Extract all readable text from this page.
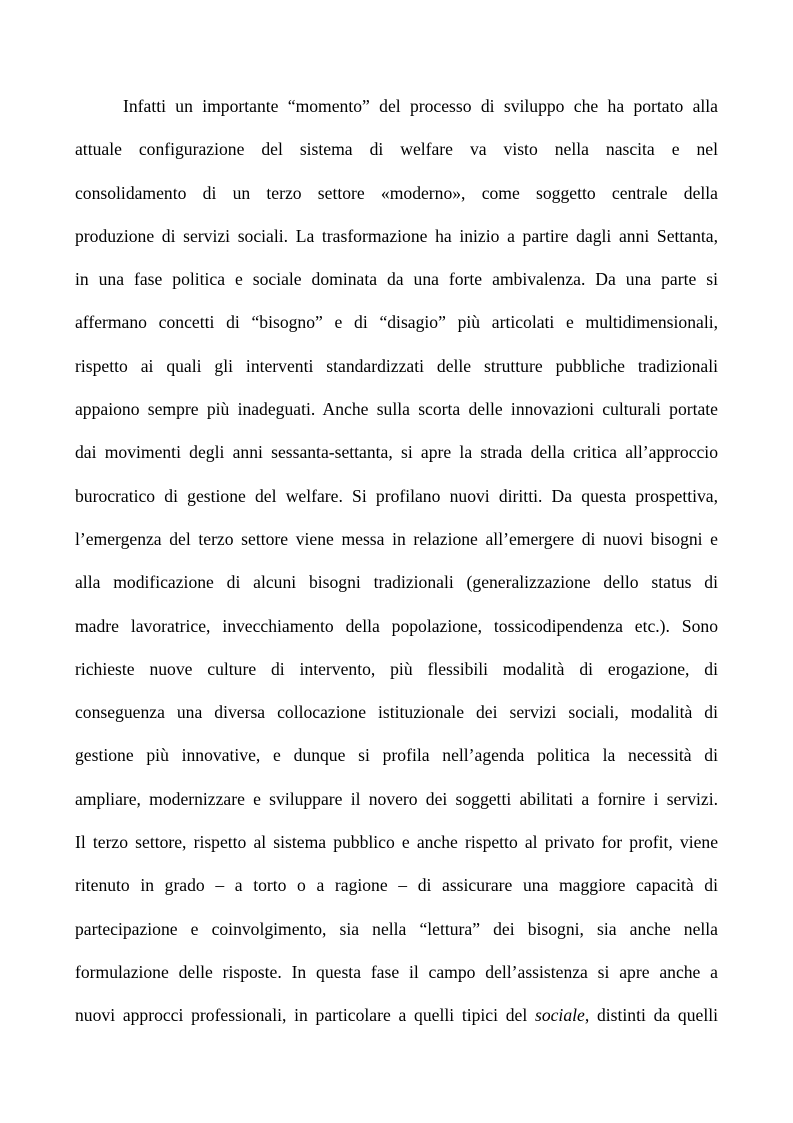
Infatti un importante “momento” del processo di sviluppo che ha portato alla
attuale configurazione del sistema di welfare va visto nella nascita e nel
consolidamento di un terzo settore «moderno», come soggetto centrale della
produzione di servizi sociali. La trasformazione ha inizio a partire dagli anni Settanta,
in una fase politica e sociale dominata da una forte ambivalenza. Da una parte si
affermano concetti di “bisogno” e di “disagio” più articolati e multidimensionali,
rispetto ai quali gli interventi standardizzati delle strutture pubbliche tradizionali
appaiono sempre più inadeguati. Anche sulla scorta delle innovazioni culturali portate
dai movimenti degli anni sessanta-settanta, si apre la strada della critica all’approccio
burocratico di gestione del welfare. Si profilano nuovi diritti. Da questa prospettiva,
l’emergenza del terzo settore viene messa in relazione all’emergere di nuovi bisogni e
alla modificazione di alcuni bisogni tradizionali (generalizzazione dello status di
madre lavoratrice, invecchiamento della popolazione, tossicodipendenza etc.). Sono
richieste nuove culture di intervento, più flessibili modalità di erogazione, di
conseguenza una diversa collocazione istituzionale dei servizi sociali, modalità di
gestione più innovative, e dunque si profila nell’agenda politica la necessità di
ampliare, modernizzare e sviluppare il novero dei soggetti abilitati a fornire i servizi.
Il terzo settore, rispetto al sistema pubblico e anche rispetto al privato for profit, viene
ritenuto in grado – a torto o a ragione – di assicurare una maggiore capacità di
partecipazione e coinvolgimento, sia nella “lettura” dei bisogni, sia anche nella
formulazione delle risposte. In questa fase il campo dell’assistenza si apre anche a
nuovi approcci professionali, in particolare a quelli tipici del sociale, distinti da quelli
